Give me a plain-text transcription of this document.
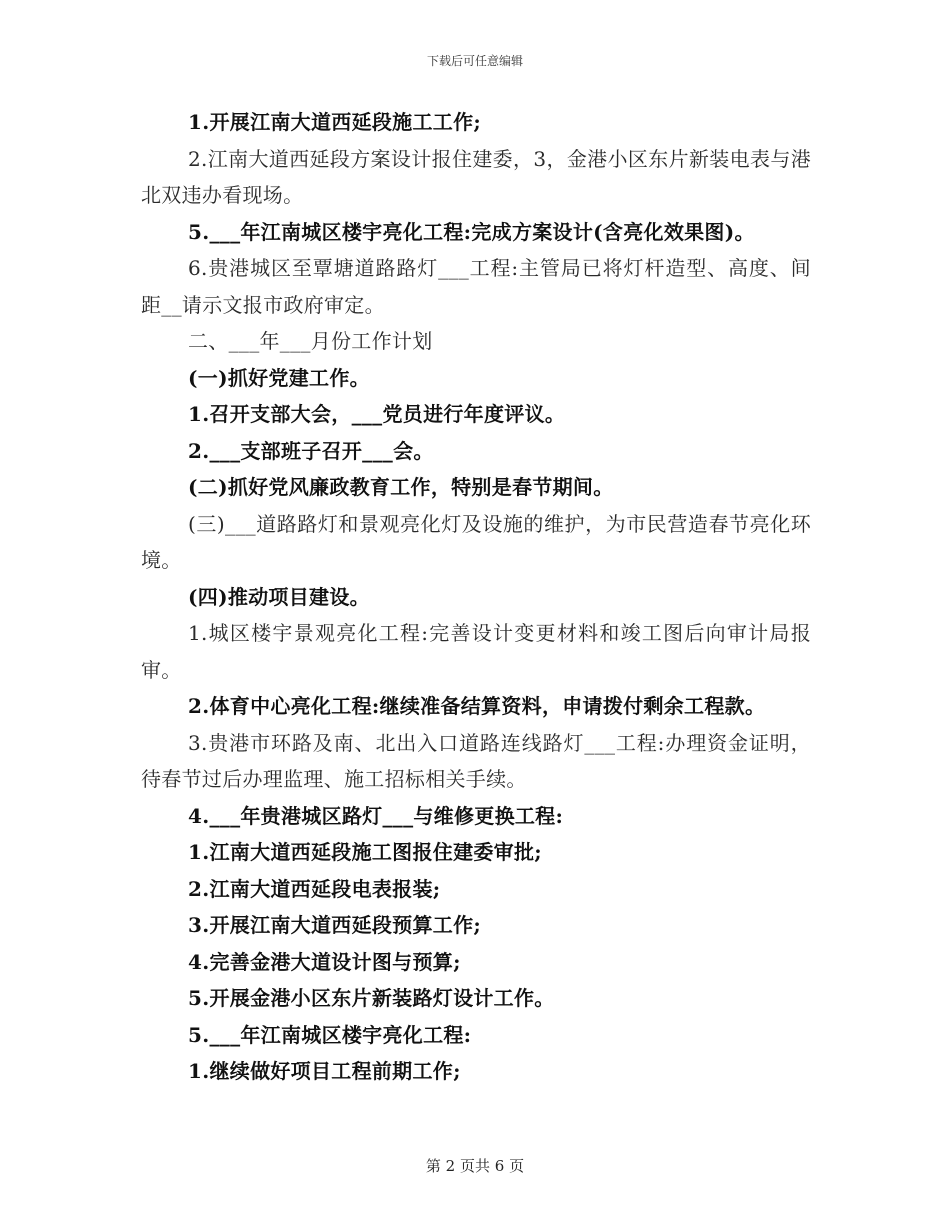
下载后可任意编辑

1.开展江南大道西延段施工工作;

2.江南大道西延段方案设计报住建委，3，金港小区东片新装电表与港北双违办看现场。

5.___年江南城区楼宇亮化工程:完成方案设计(含亮化效果图)。

6.贵港城区至覃塘道路路灯___工程:主管局已将灯杆造型、高度、间距__请示文报市政府审定。

二、___年___月份工作计划

(一)抓好党建工作。

1.召开支部大会，___党员进行年度评议。

2.___支部班子召开___会。

(二)抓好党风廉政教育工作，特别是春节期间。

(三)___道路路灯和景观亮化灯及设施的维护，为市民营造春节亮化环境。

(四)推动项目建设。

1.城区楼宇景观亮化工程:完善设计变更材料和竣工图后向审计局报审。

2.体育中心亮化工程:继续准备结算资料，申请拨付剩余工程款。

3.贵港市环路及南、北出入口道路连线路灯___工程:办理资金证明，待春节过后办理监理、施工招标相关手续。

4.___年贵港城区路灯___与维修更换工程:

1.江南大道西延段施工图报住建委审批;

2.江南大道西延段电表报装;

3.开展江南大道西延段预算工作;

4.完善金港大道设计图与预算;

5.开展金港小区东片新装路灯设计工作。

5.___年江南城区楼宇亮化工程:

1.继续做好项目工程前期工作;

第 2 页共 6 页
